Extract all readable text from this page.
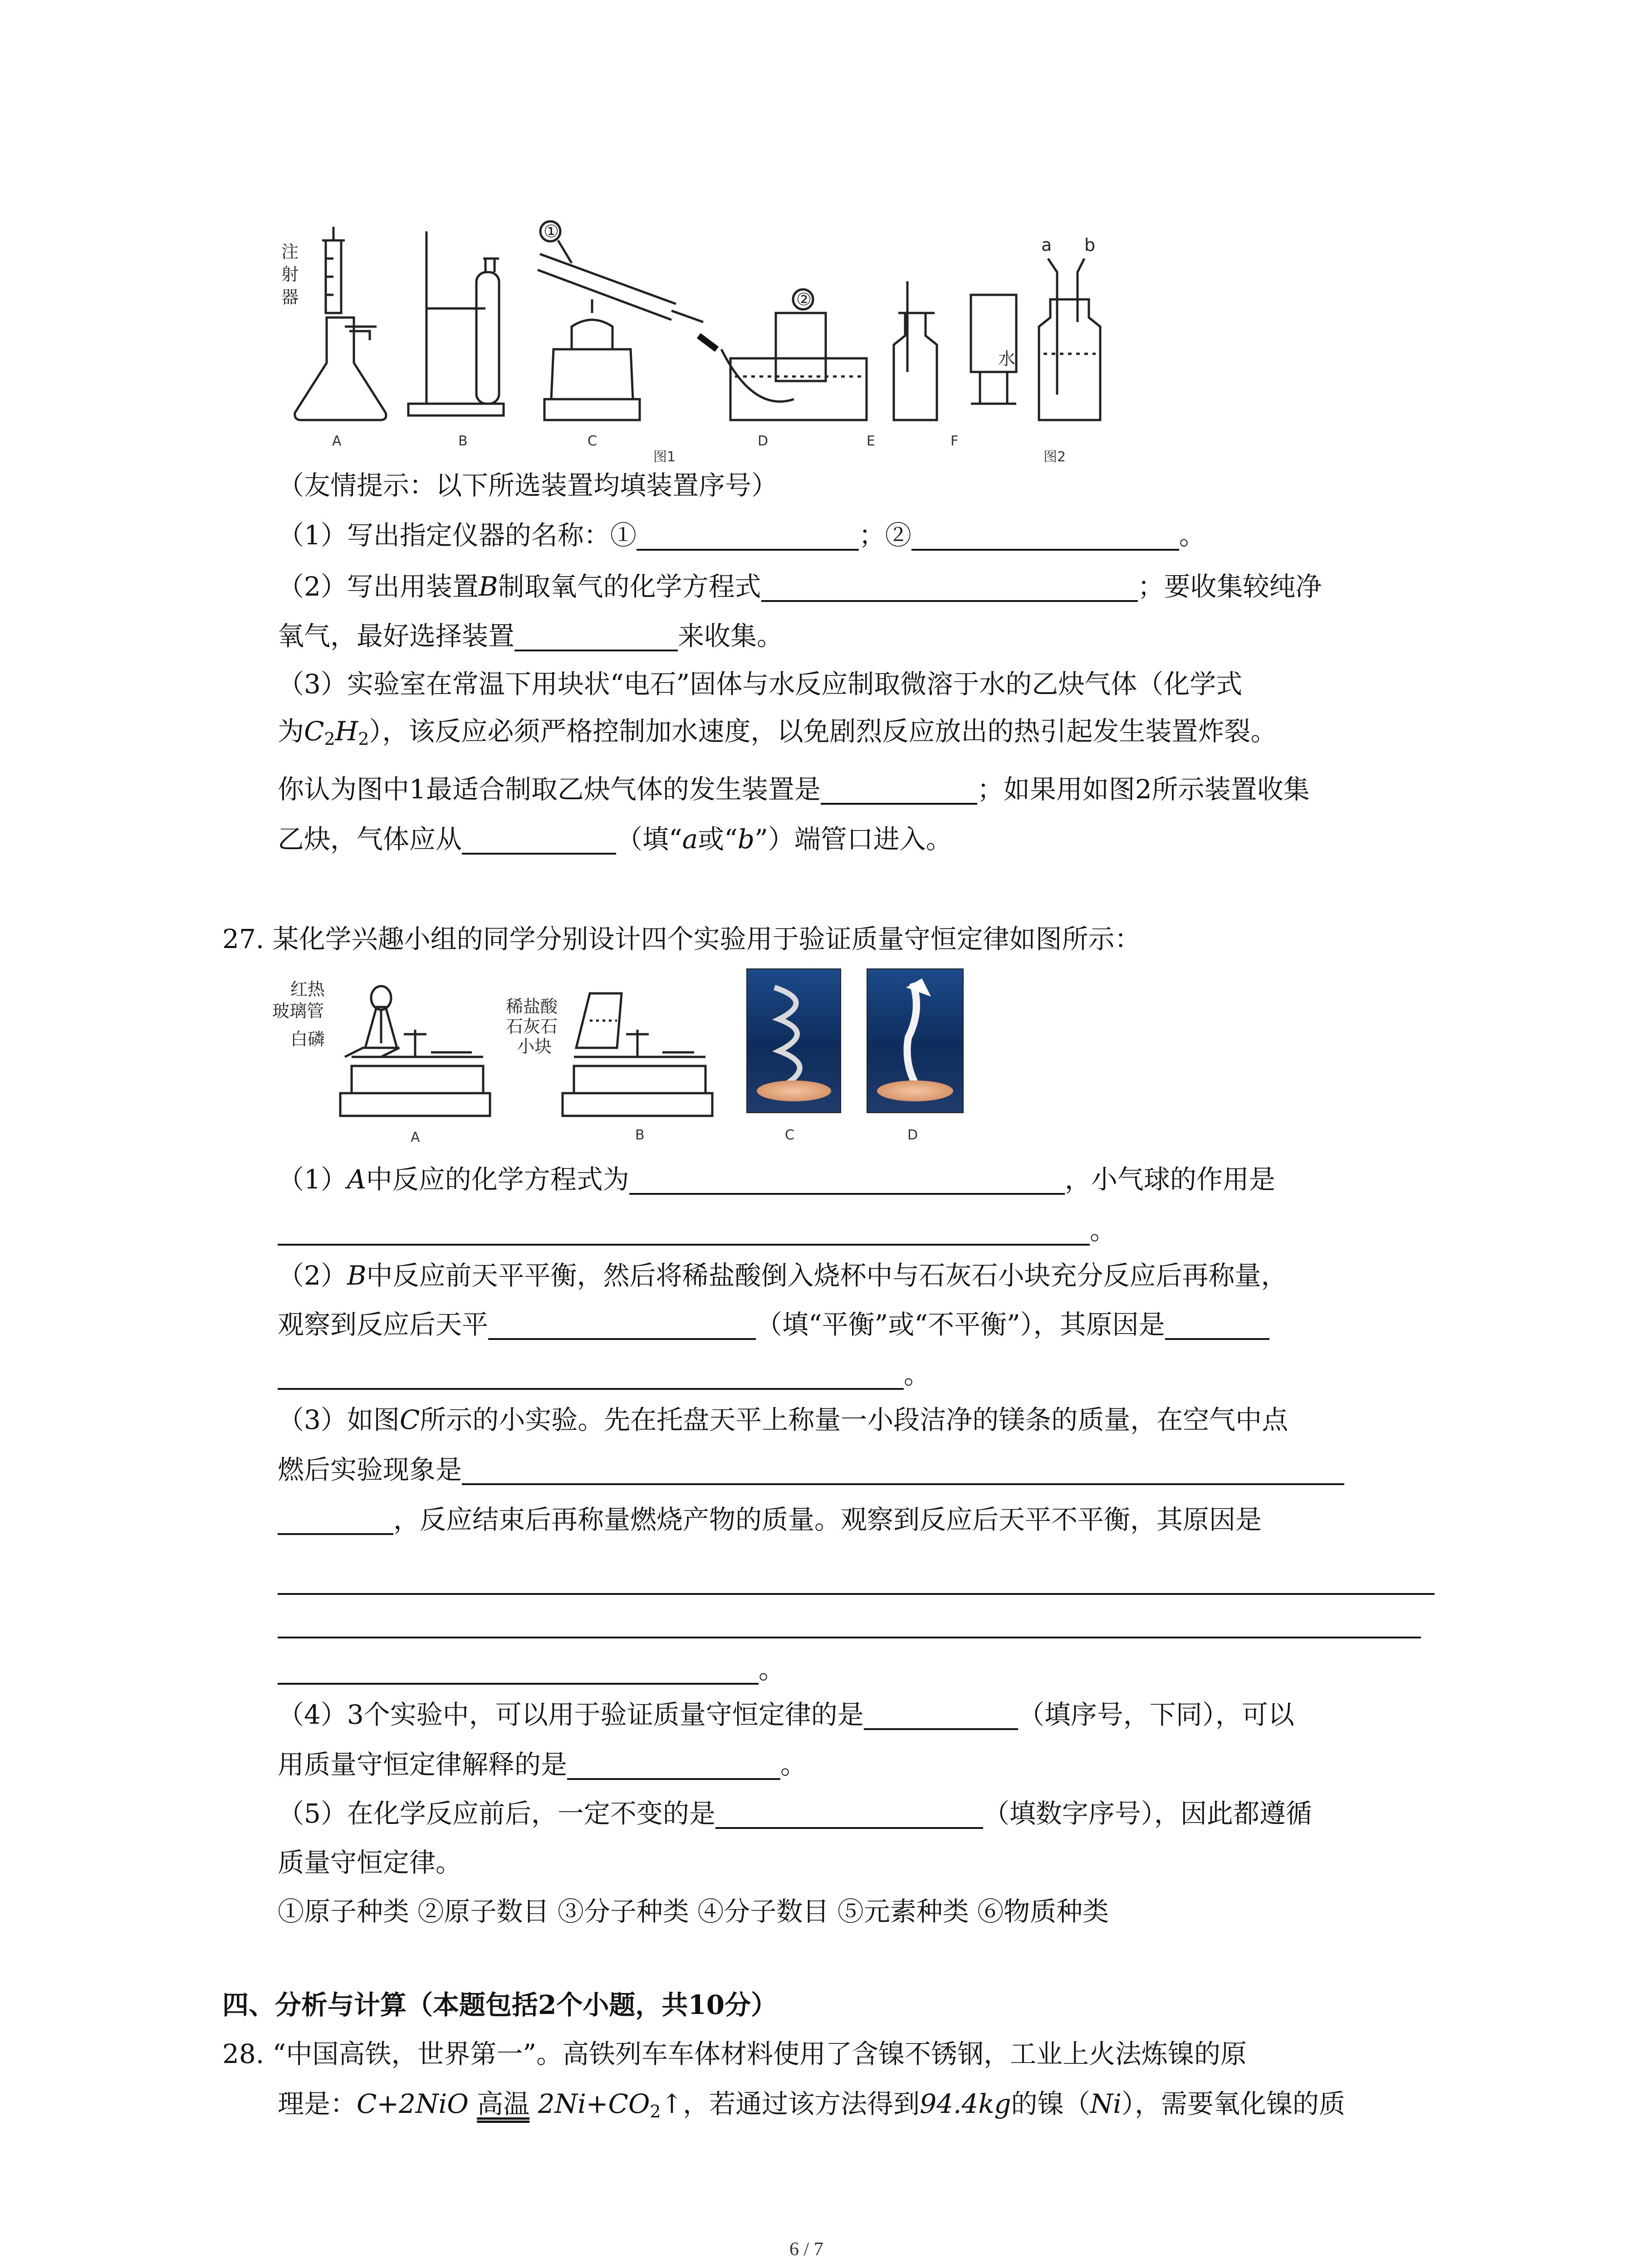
注射器
①
②
水
a b
A	B	C	D	E	F
图1	图2
（友情提示：以下所选装置均填装置序号）
（1）写出指定仪器的名称：①	；②	。
（2）写出用装置B制取氧气的化学方程式	；要收集较纯净
氧气，最好选择装置	来收集。
（3）实验室在常温下用块状“电石”固体与水反应制取微溶于水的乙炔气体（化学式
为$C_2H_2$），该反应必须严格控制加水速度，以免剧烈反应放出的热引起发生装置炸裂。
你认为图中1最适合制取乙炔气体的发生装置是	；如果用如图2所示装置收集
乙炔，气体应从	（填“a或“b”）端管口进入。
27. 某化学兴趣小组的同学分别设计四个实验用于验证质量守恒定律如图所示：
红热
玻璃管
白磷
稀盐酸
石灰石
小块
A	B	C	D
（1）A中反应的化学方程式为	，小气球的作用是
。
（2）B中反应前天平平衡，然后将稀盐酸倒入烧杯中与石灰石小块充分反应后再称量，
观察到反应后天平	（填“平衡”或“不平衡”），其原因是
。
（3）如图C所示的小实验。先在托盘天平上称量一小段洁净的镁条的质量，在空气中点
燃后实验现象是
，反应结束后再称量燃烧产物的质量。观察到反应后天平不平衡，其原因是
。
（4）3个实验中，可以用于验证质量守恒定律的是	（填序号，下同），可以
用质量守恒定律解释的是	。
（5）在化学反应前后，一定不变的是	（填数字序号），因此都遵循
质量守恒定律。
①原子种类 ②原子数目 ③分子种类 ④分子数目 ⑤元素种类 ⑥物质种类
四、分析与计算（本题包括2个小题，共10分）
28. “中国高铁，世界第一”。高铁列车车体材料使用了含镍不锈钢，工业上火法炼镍的原
理是：C+2NiO 高温 $2Ni+CO_2↑$，若通过该方法得到94.4kg的镍（Ni），需要氧化镍的质
6 / 7
